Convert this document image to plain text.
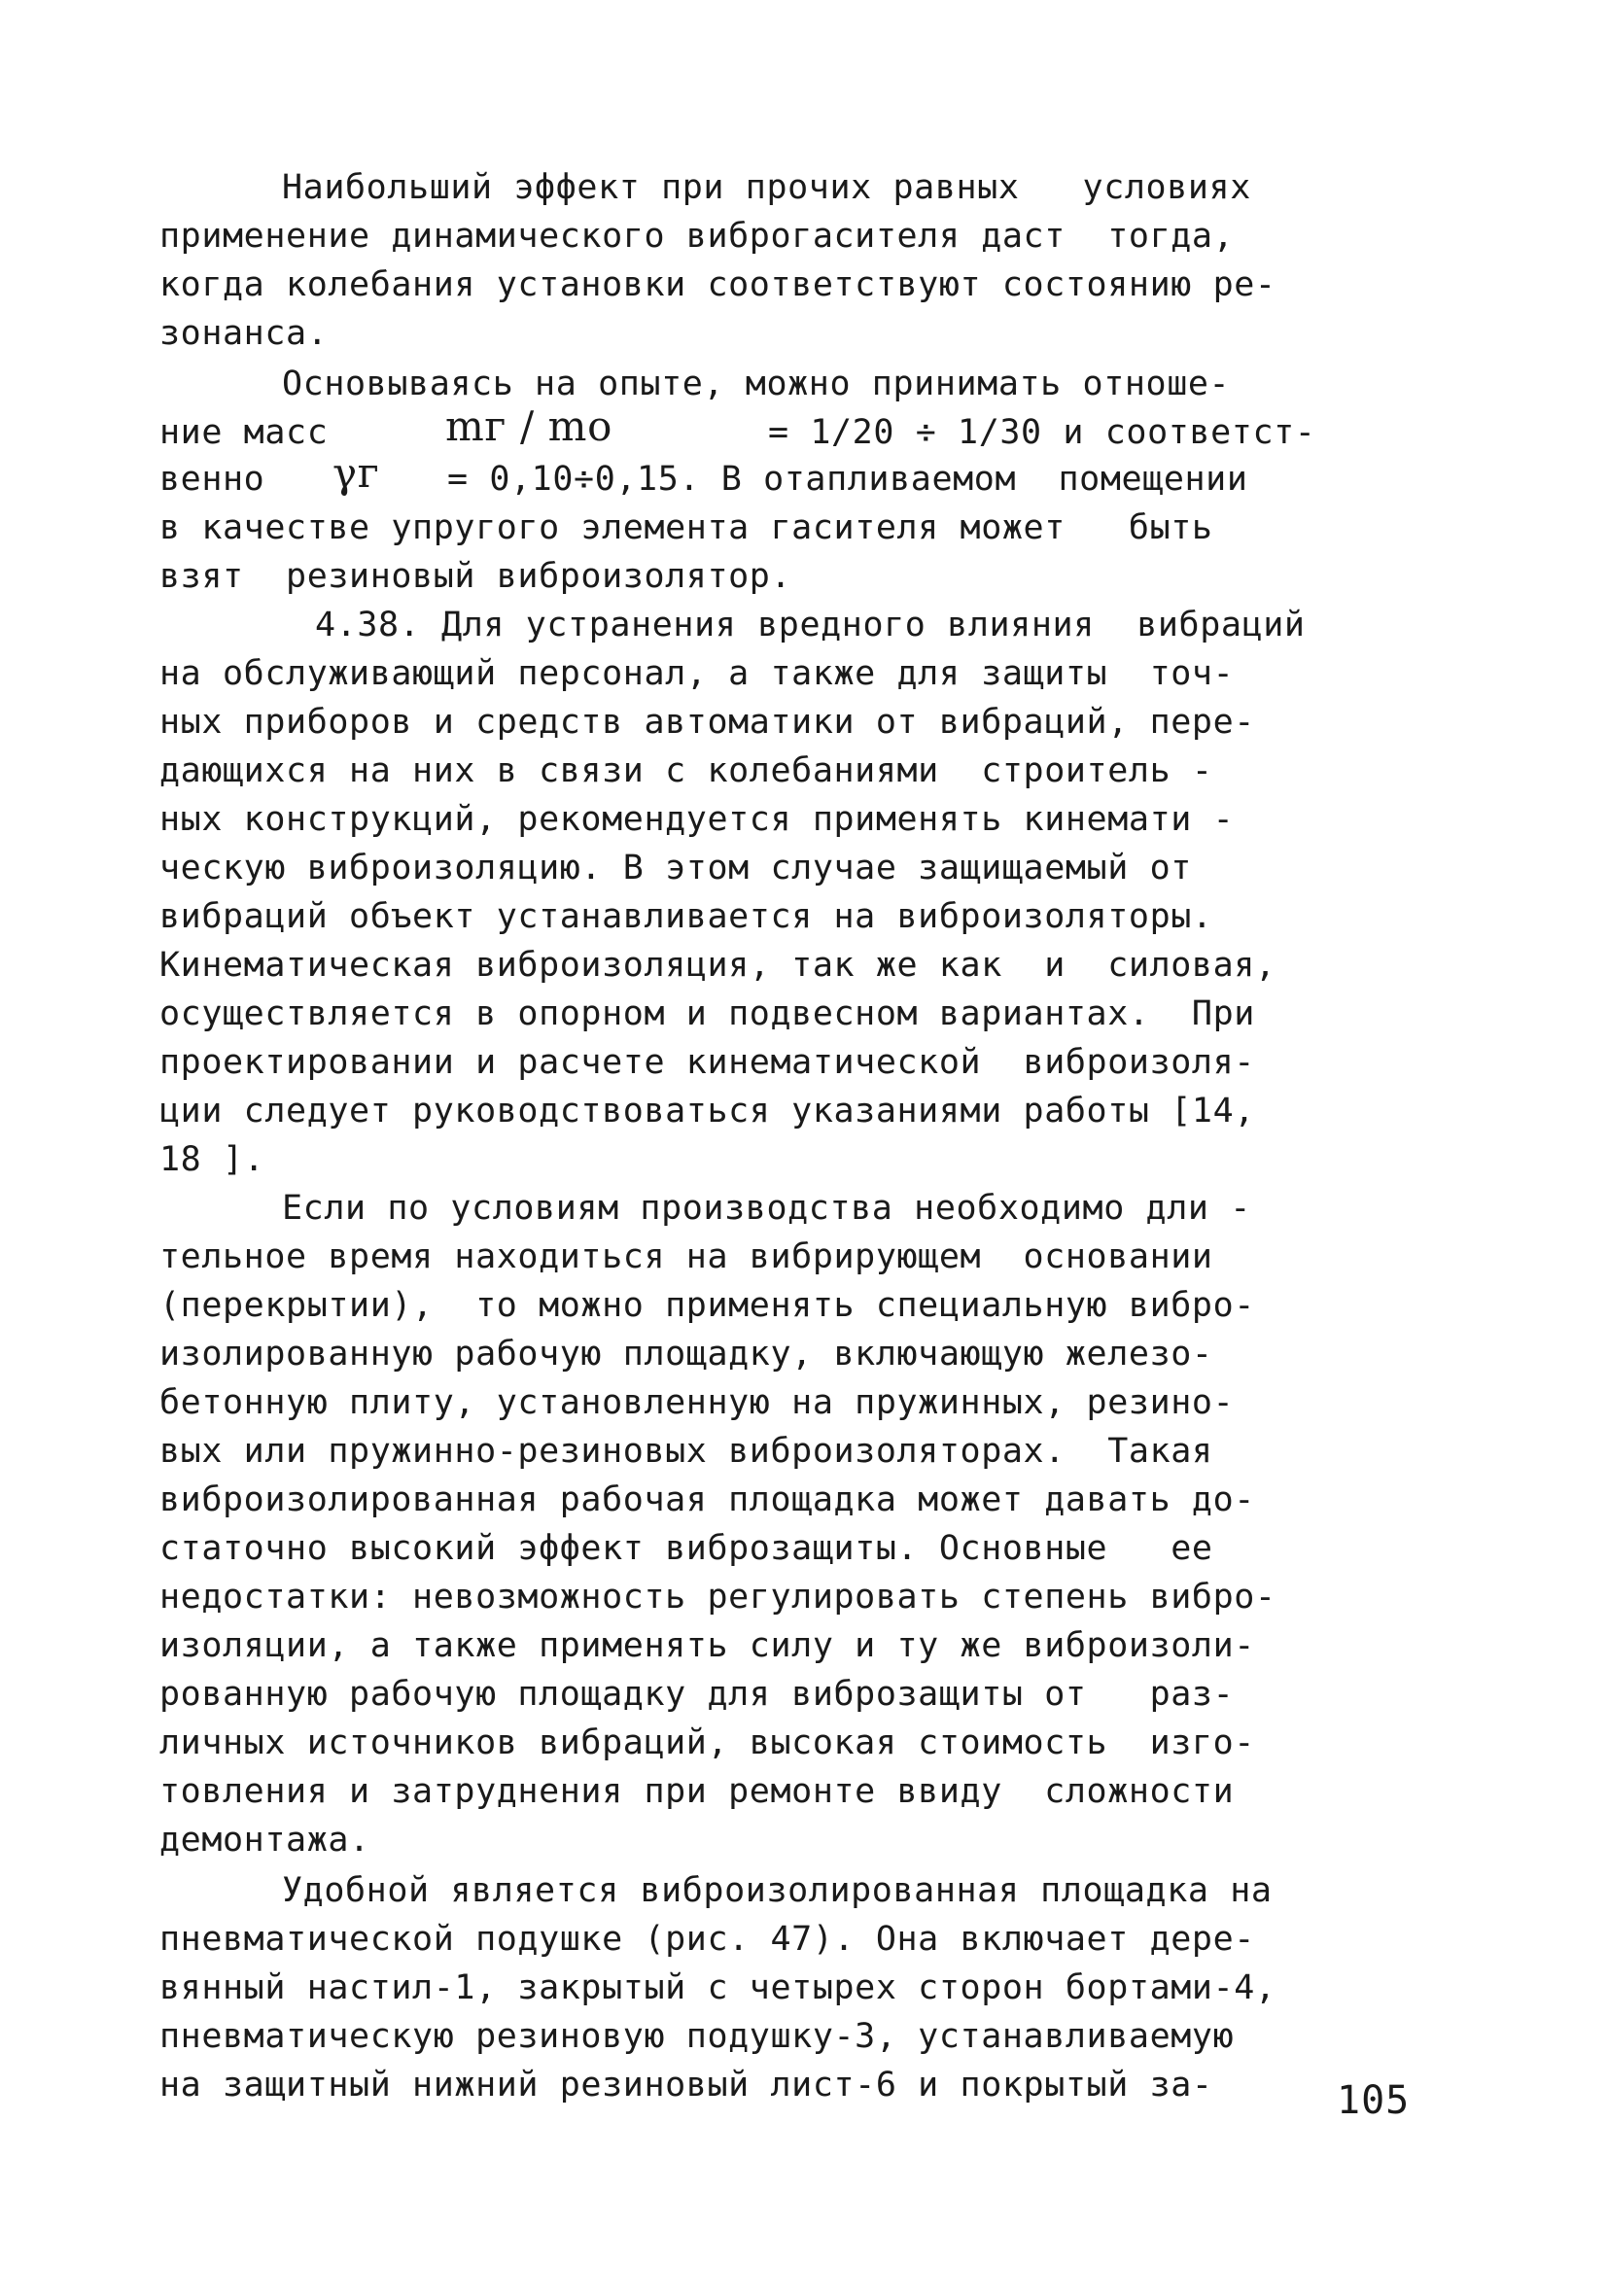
Наибольший эффект при прочих равных   условиях
применение динамического виброгасителя даст  тогда,
когда колебания установки соответствуют состоянию ре-
зонанса.
Основываясь на опыте, можно принимать отноше-
ние масс	mг / mо	= 1/20 ÷ 1/30 и соответст-
венно γг = 0,10÷0,15. В отапливаемом  помещении
в качестве упругого элемента гасителя может   быть
взят  резиновый виброизолятор.
4.38. Для устранения вредного влияния  вибраций
на обслуживающий персонал, а также для защиты  точ-
ных приборов и средств автоматики от вибраций, пере-
дающихся на них в связи с колебаниями  строитель -
ных конструкций, рекомендуется применять кинемати -
ческую виброизоляцию. В этом случае защищаемый от
вибраций объект устанавливается на виброизоляторы.
Кинематическая виброизоляция, так же как  и  силовая,
осуществляется в опорном и подвесном вариантах.  При
проектировании и расчете кинематической  виброизоля-
ции следует руководствоваться указаниями работы [14,
18 ].
Если по условиям производства необходимо дли -
тельное время находиться на вибрирующем  основании
(перекрытии),  то можно применять специальную вибро-
изолированную рабочую площадку, включающую железо-
бетонную плиту, установленную на пружинных, резино-
вых или пружинно-резиновых виброизоляторах.  Такая
виброизолированная рабочая площадка может давать до-
статочно высокий эффект виброзащиты. Основные   ее
недостатки: невозможность регулировать степень вибро-
изоляции, а также применять силу и ту же виброизоли-
рованную рабочую площадку для виброзащиты от   раз-
личных источников вибраций, высокая стоимость  изго-
товления и затруднения при ремонте ввиду  сложности
демонтажа.
Удобной является виброизолированная площадка на
пневматической подушке (рис. 47). Она включает дере-
вянный настил-1, закрытый с четырех сторон бортами-4,
пневматическую резиновую подушку-3, устанавливаемую
на защитный нижний резиновый лист-6 и покрытый за-	105
